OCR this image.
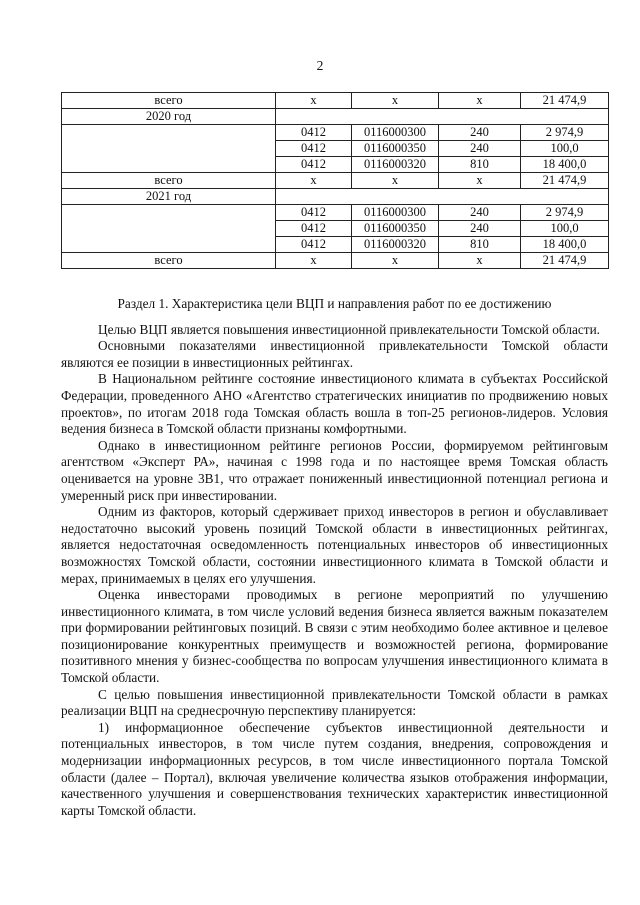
2
всего	х	х	х	21 474,9
2020 год				
	0412	0116000300	240	2 974,9
	0412	0116000350	240	100,0
	0412	0116000320	810	18 400,0
всего	х	х	х	21 474,9
2021 год				
	0412	0116000300	240	2 974,9
	0412	0116000350	240	100,0
	0412	0116000320	810	18 400,0
всего	х	х	х	21 474,9
Раздел 1. Характеристика цели ВЦП и направления работ по ее достижению

Целью ВЦП является повышения инвестиционной привлекательности Томской области.

Основными показателями инвестиционной привлекательности Томской области являются ее позиции в инвестиционных рейтингах.

В Национальном рейтинге состояние инвестиционого климата в субъектах Российской Федерации, проведенного АНО «Агентство стратегических инициатив по продвижению новых проектов», по итогам 2018 года Томская область вошла в топ-25 регионов-лидеров. Условия ведения бизнеса в Томской области признаны комфортными.

Однако в инвестиционном рейтинге регионов России, формируемом рейтинговым агентством «Эксперт РА», начиная с 1998 года и по настоящее время Томская область оценивается на уровне 3В1, что отражает пониженный инвестиционной потенциал региона и умеренный риск при инвестировании.

Одним из факторов, который сдерживает приход инвесторов в регион и обуславливает недостаточно высокий уровень позиций Томской области в инвестиционных рейтингах, является недостаточная осведомленность потенциальных инвесторов об инвестиционных возможностях Томской области, состоянии инвестиционного климата в Томской области и мерах, принимаемых в целях его улучшения.

Оценка инвесторами проводимых в регионе мероприятий по улучшению инвестиционного климата, в том числе условий ведения бизнеса является важным показателем при формировании рейтинговых позиций. В связи с этим необходимо более активное и целевое позиционирование конкурентных преимуществ и возможностей региона, формирование позитивного мнения у бизнес-сообщества по вопросам улучшения инвестиционного климата в Томской области.

С целью повышения инвестиционной привлекательности Томской области в рамках реализации ВЦП на среднесрочную перспективу планируется:

1) информационное обеспечение субъектов инвестиционной деятельности и потенциальных инвесторов, в том числе путем создания, внедрения, сопровождения и модернизации информационных ресурсов, в том числе инвестиционного портала Томской области (далее – Портал), включая увеличение количества языков отображения информации, качественного улучшения и совершенствования технических характеристик инвестиционной карты Томской области.
